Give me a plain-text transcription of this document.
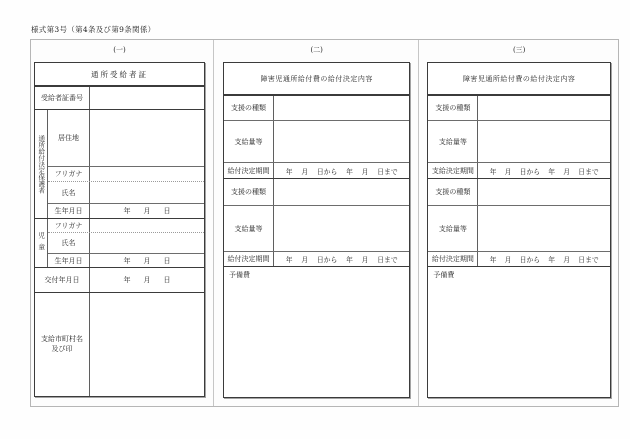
様式第3号（第4条及び第9条関係）
(一)
通所受給者証
受給者証番号
通所給付決定保護者	居住地
フリガナ
氏名
生年月日	年 月 日
児童
フリガナ
氏名
生年月日	年 月 日
交付年月日	年 月 日
支給市町村名
及び印
(二)
障害児通所給付費の給付決定内容
支援の種類
支給量等
給付決定期間	年 月 日から 年 月 日まで
支援の種類
支給量等
給付決定期間	年 月 日から 年 月 日まで
予備費
(三)
障害児通所給付費の給付決定内容
支援の種類
支給量等
支給決定期間	年 月 日から 年 月 日まで
支援の種類
支給量等
給付決定期間	年 月 日から 年 月 日まで
予備費
